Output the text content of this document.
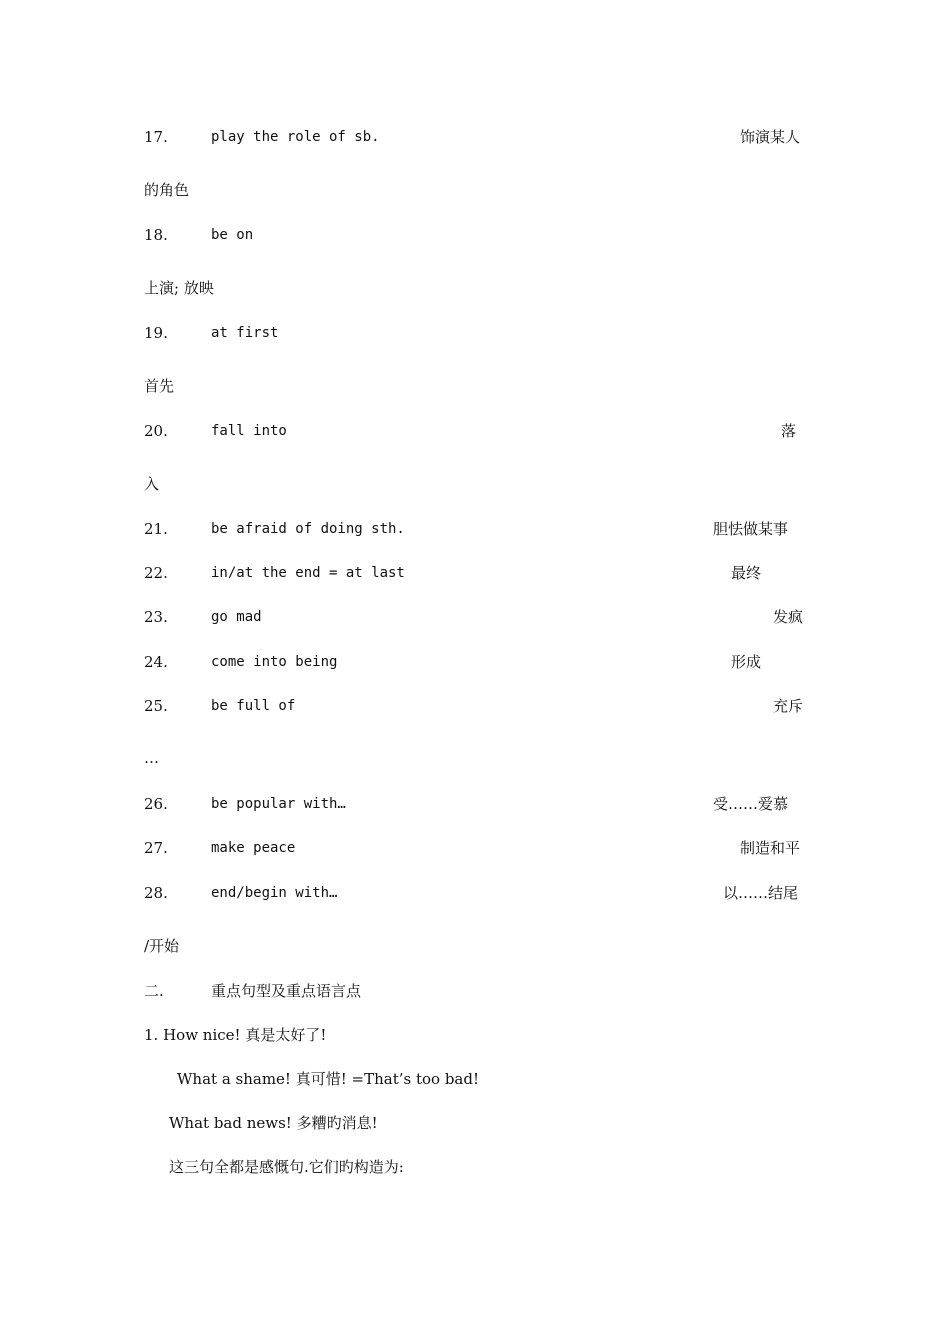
17.	play the role of sb.	饰演某人
的角色
18.	be on
上演; 放映
19.	at first
首先
20.	fall into	落
入
21.	be afraid of doing sth.	胆怯做某事
22.	in/at the end = at last	最终
23.	go mad	发疯
24.	come into being	形成
25.	be full of	充斥
…
26.	be popular with…	受……爱慕
27.	make peace	制造和平
28.	end/begin with…	以……结尾
/开始
二.	重点句型及重点语言点
1. How nice! 真是太好了!
What a shame! 真可惜! =That’s too bad!
What bad news! 多糟旳消息!
这三句全都是感慨句.它们旳构造为:
